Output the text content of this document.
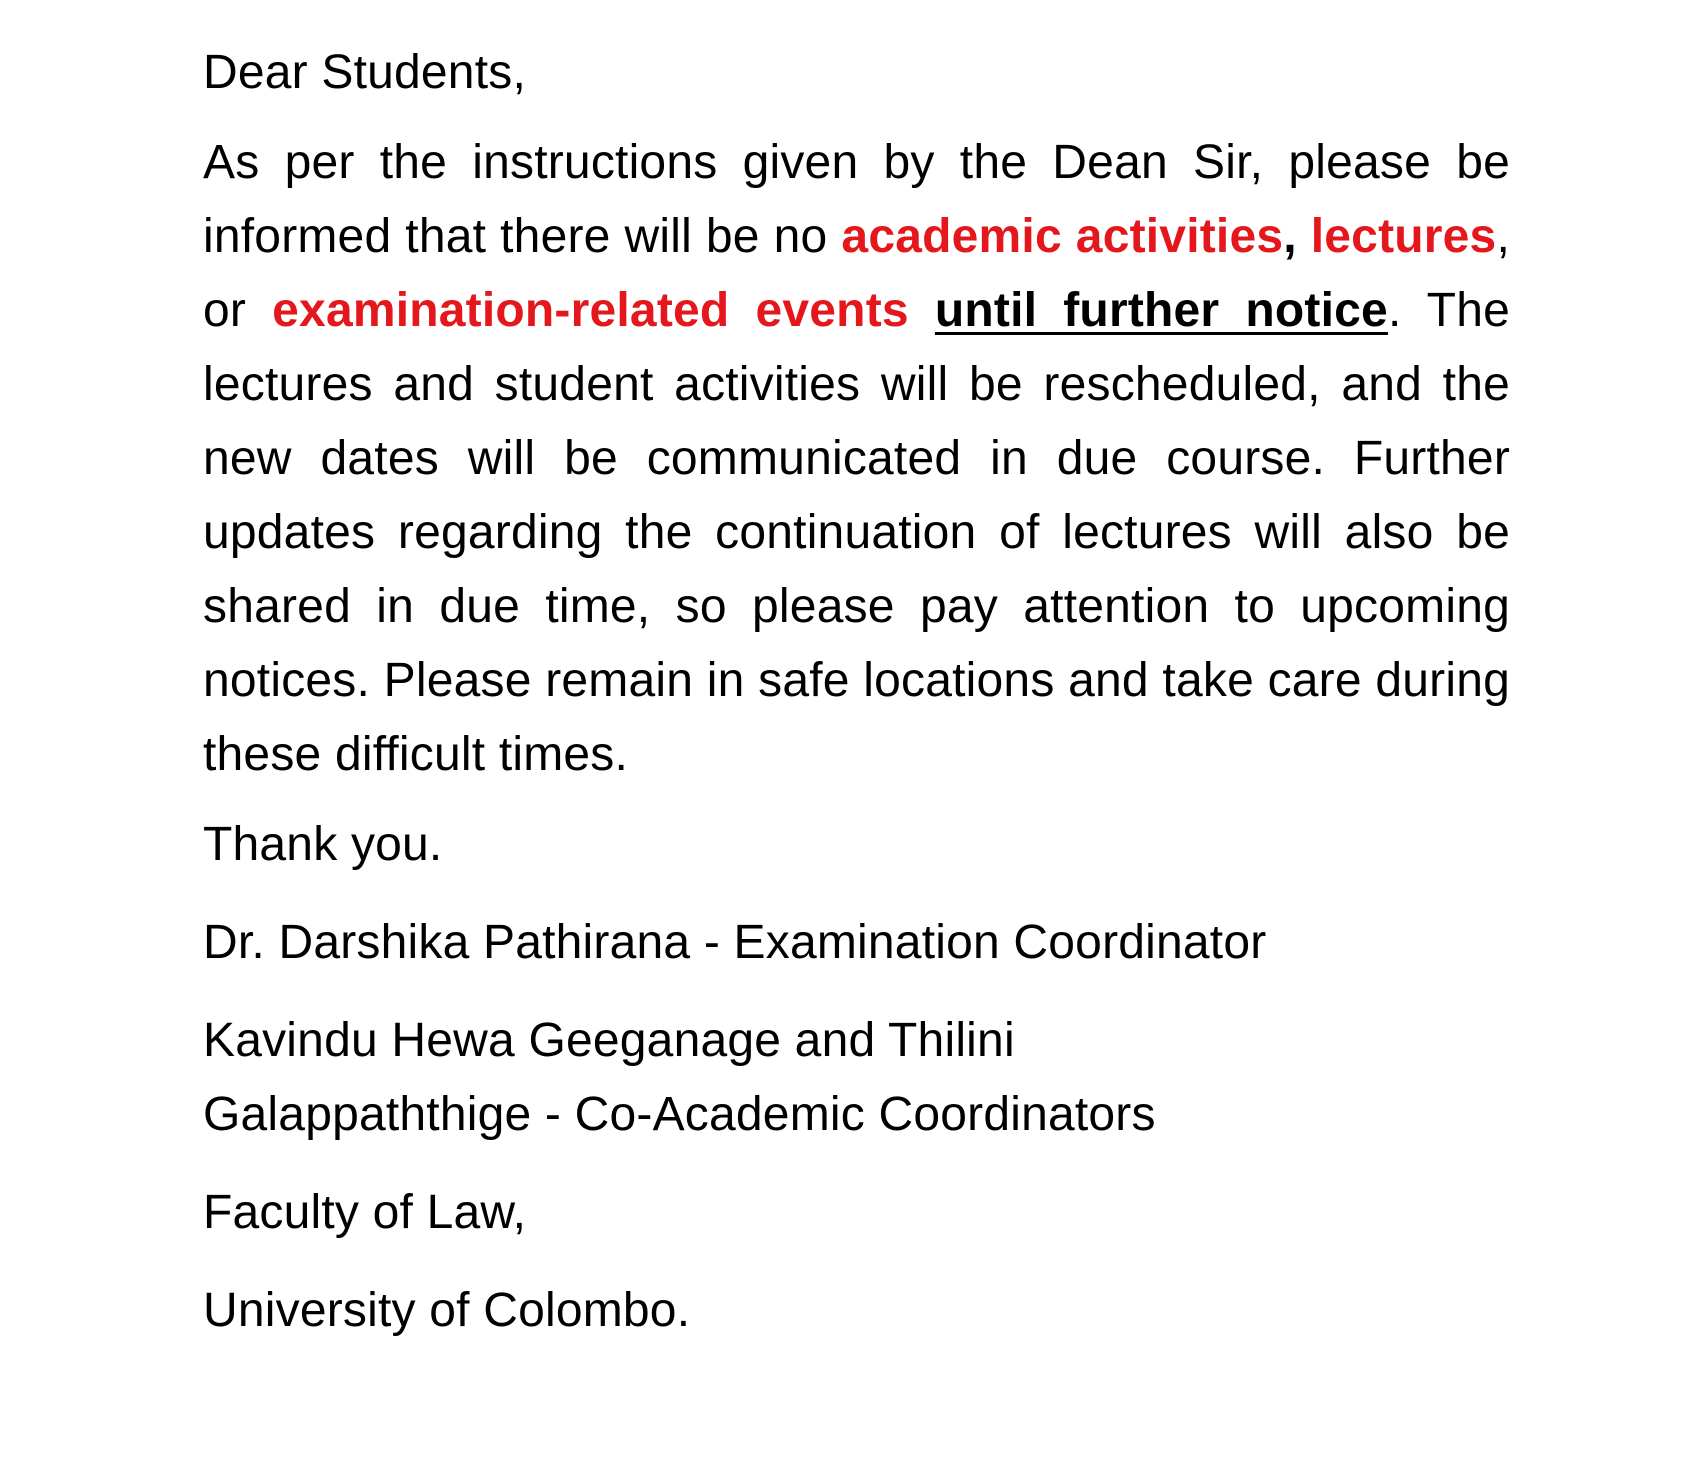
Dear Students,

As per the instructions given by the Dean Sir, please be informed that there will be no academic activities, lectures, or examination-related events until further notice. The lectures and student activities will be rescheduled, and the new dates will be communicated in due course. Further updates regarding the continuation of lectures will also be shared in due time, so please pay attention to upcoming notices. Please remain in safe locations and take care during these difficult times.

Thank you.

Dr. Darshika Pathirana - Examination Coordinator

Kavindu Hewa Geeganage and Thilini
Galappaththige - Co-Academic Coordinators

Faculty of Law,

University of Colombo.
